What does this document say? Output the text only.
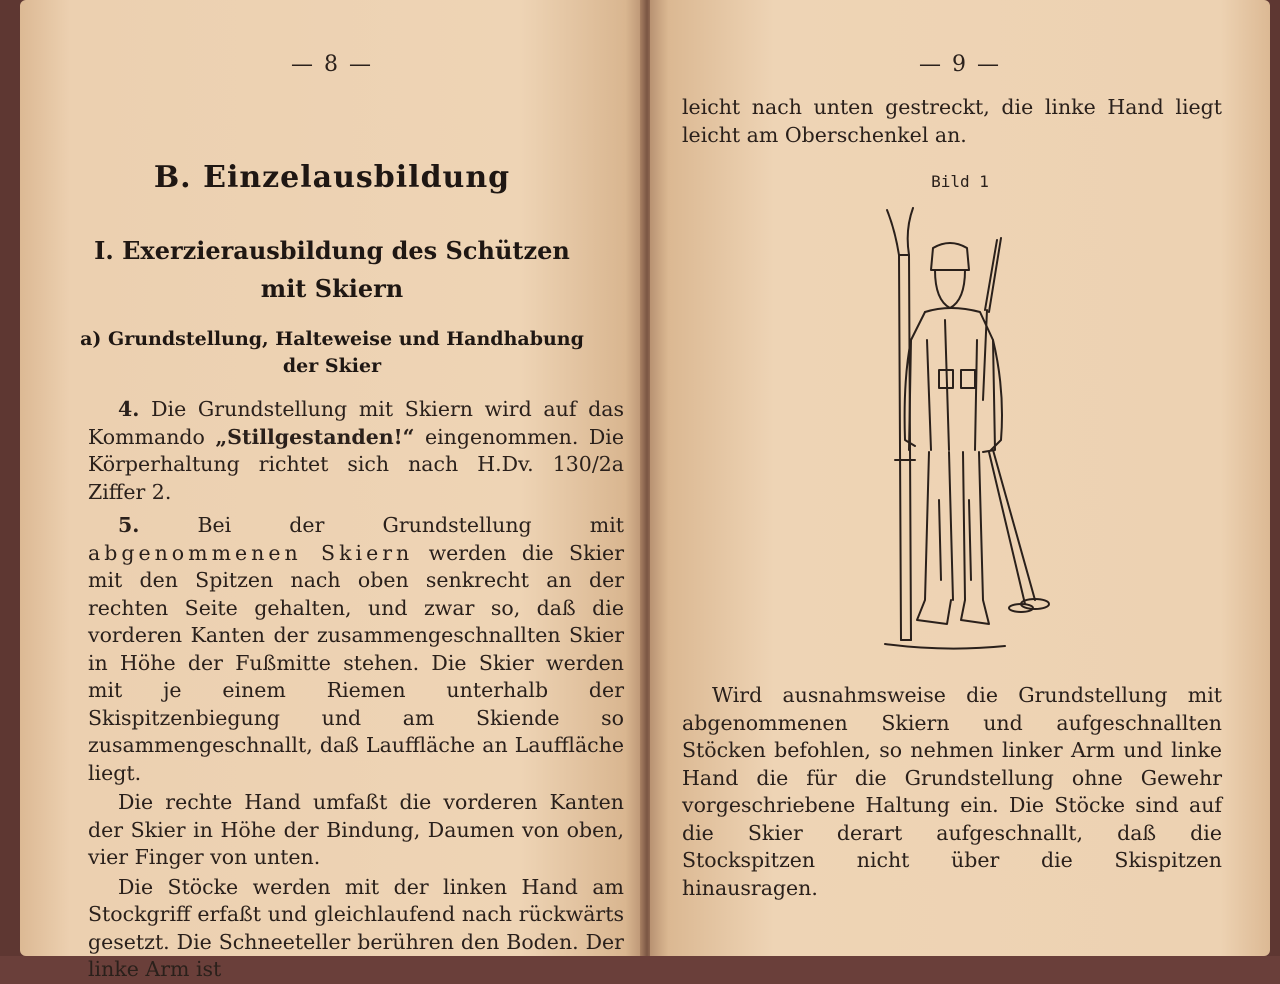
— 8 —
B. Einzelausbildung
I. Exerzierausbildung des Schützen
mit Skiern
a) Grundstellung, Halteweise und Handhabung
der Skier

4. Die Grundstellung mit Skiern wird auf das Kommando „Stillgestanden!“ eingenommen. Die Körperhaltung richtet sich nach H.Dv. 130/2a Ziffer 2.

5.	Bei der Grundstellung mit abgenommenen Skiern werden die Skier mit den Spitzen nach oben senkrecht an der rechten Seite gehalten, und zwar so, daß die vorderen Kanten der zusammengeschnallten Skier in Höhe der Fußmitte stehen. Die Skier werden mit je einem Riemen unterhalb der Skispitzenbiegung und am Skiende so zusammengeschnallt, daß Lauffläche an Lauffläche liegt.

Die rechte Hand umfaßt die vorderen Kanten der Skier in Höhe der Bindung, Daumen von oben, vier Finger von unten.

Die Stöcke werden mit der linken Hand am Stockgriff erfaßt und gleichlaufend nach rückwärts gesetzt. Die Schneeteller berühren den Boden. Der linke Arm ist

— 9 —

leicht nach unten gestreckt, die linke Hand liegt leicht am Oberschenkel an.

Bild 1

Wird ausnahmsweise die Grundstellung mit abgenommenen Skiern und aufgeschnallten Stöcken befohlen, so nehmen linker Arm und linke Hand die für die Grundstellung ohne Gewehr vorgeschriebene Haltung ein. Die Stöcke sind auf die Skier derart aufgeschnallt, daß die Stockspitzen nicht über die Skispitzen hinausragen.
